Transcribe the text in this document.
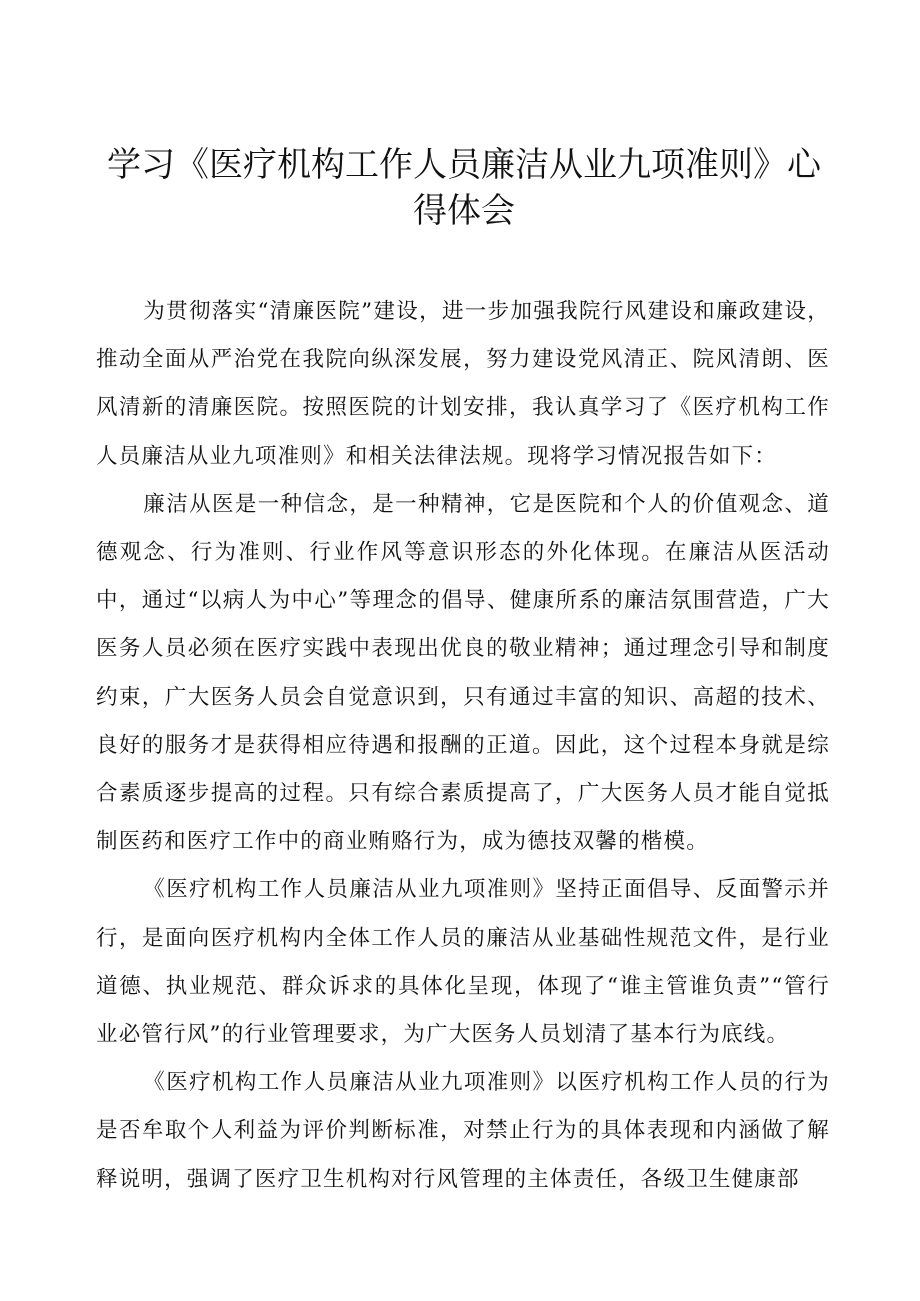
学习《医疗机构工作人员廉洁从业九项准则》心得体会

为贯彻落实“清廉医院”建设，进一步加强我院行风建设和廉政建设，推动全面从严治党在我院向纵深发展，努力建设党风清正、院风清朗、医风清新的清廉医院。按照医院的计划安排，我认真学习了《医疗机构工作人员廉洁从业九项准则》和相关法律法规。现将学习情况报告如下：

廉洁从医是一种信念，是一种精神，它是医院和个人的价值观念、道德观念、行为准则、行业作风等意识形态的外化体现。在廉洁从医活动中，通过“以病人为中心”等理念的倡导、健康所系的廉洁氛围营造，广大医务人员必须在医疗实践中表现出优良的敬业精神；通过理念引导和制度约束，广大医务人员会自觉意识到，只有通过丰富的知识、高超的技术、良好的服务才是获得相应待遇和报酬的正道。因此，这个过程本身就是综合素质逐步提高的过程。只有综合素质提高了，广大医务人员才能自觉抵制医药和医疗工作中的商业贿赂行为，成为德技双馨的楷模。

《医疗机构工作人员廉洁从业九项准则》坚持正面倡导、反面警示并行，是面向医疗机构内全体工作人员的廉洁从业基础性规范文件，是行业道德、执业规范、群众诉求的具体化呈现，体现了“谁主管谁负责”“管行业必管行风”的行业管理要求，为广大医务人员划清了基本行为底线。

《医疗机构工作人员廉洁从业九项准则》以医疗机构工作人员的行为是否牟取个人利益为评价判断标准，对禁止行为的具体表现和内涵做了解释说明，强调了医疗卫生机构对行风管理的主体责任，各级卫生健康部
